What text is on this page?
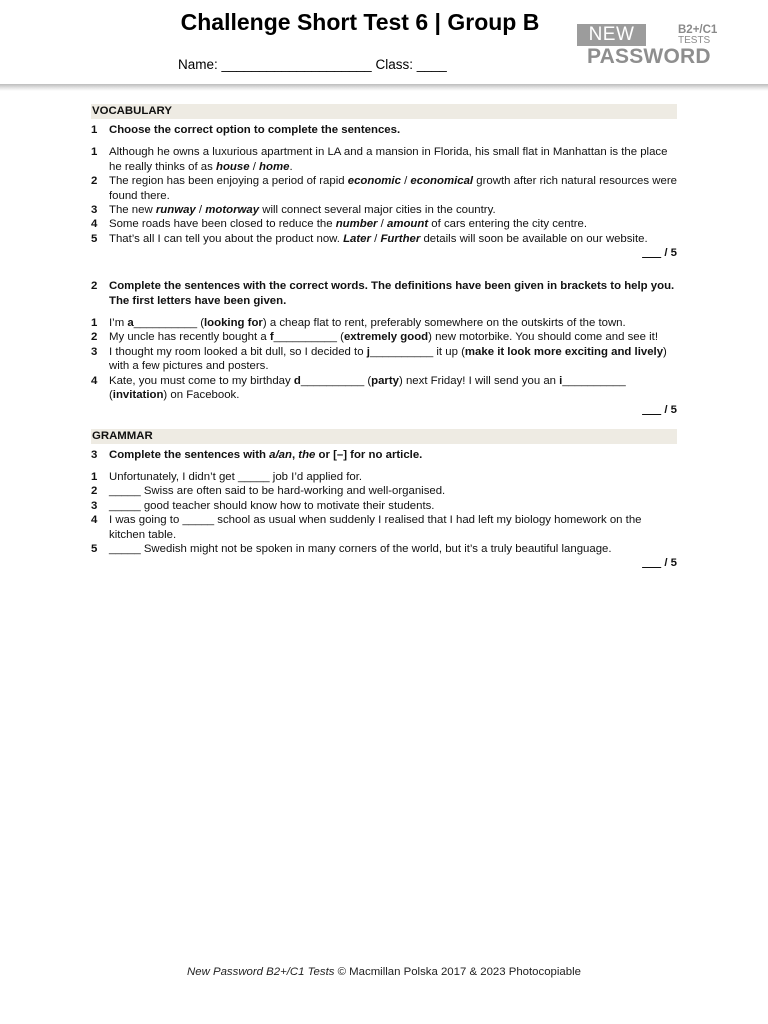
Challenge Short Test 6 | Group B
Name: ____________________ Class: ____
NEW	B2+/C1
TESTS
PASSWORD
VOCABULARY
1	Choose the correct option to complete the sentences.
1	Although he owns a luxurious apartment in LA and a mansion in Florida, his small flat in Manhattan is the place he really thinks of as house / home.
2	The region has been enjoying a period of rapid economic / economical growth after rich natural resources were found there.
3	The new runway / motorway will connect several major cities in the country.
4	Some roads have been closed to reduce the number / amount of cars entering the city centre.
5	That’s all I can tell you about the product now. Later / Further details will soon be available on our website.
___ / 5
2	Complete the sentences with the correct words. The definitions have been given in brackets to help you. The first letters have been given.
1	I’m a__________ (looking for) a cheap flat to rent, preferably somewhere on the outskirts of the town.
2	My uncle has recently bought a f__________ (extremely good) new motorbike. You should come and see it!
3	I thought my room looked a bit dull, so I decided to j__________ it up (make it look more exciting and lively) with a few pictures and posters.
4	Kate, you must come to my birthday d__________ (party) next Friday! I will send you an i__________ (invitation) on Facebook.
___ / 5
GRAMMAR
3	Complete the sentences with a/an, the or [–] for no article.
1	Unfortunately, I didn’t get _____ job I’d applied for.
2	_____ Swiss are often said to be hard-working and well-organised.
3	_____ good teacher should know how to motivate their students.
4	I was going to _____ school as usual when suddenly I realised that I had left my biology homework on the kitchen table.
5	_____ Swedish might not be spoken in many corners of the world, but it’s a truly beautiful language.
___ / 5
New Password B2+/C1 Tests © Macmillan Polska 2017 & 2023 Photocopiable
